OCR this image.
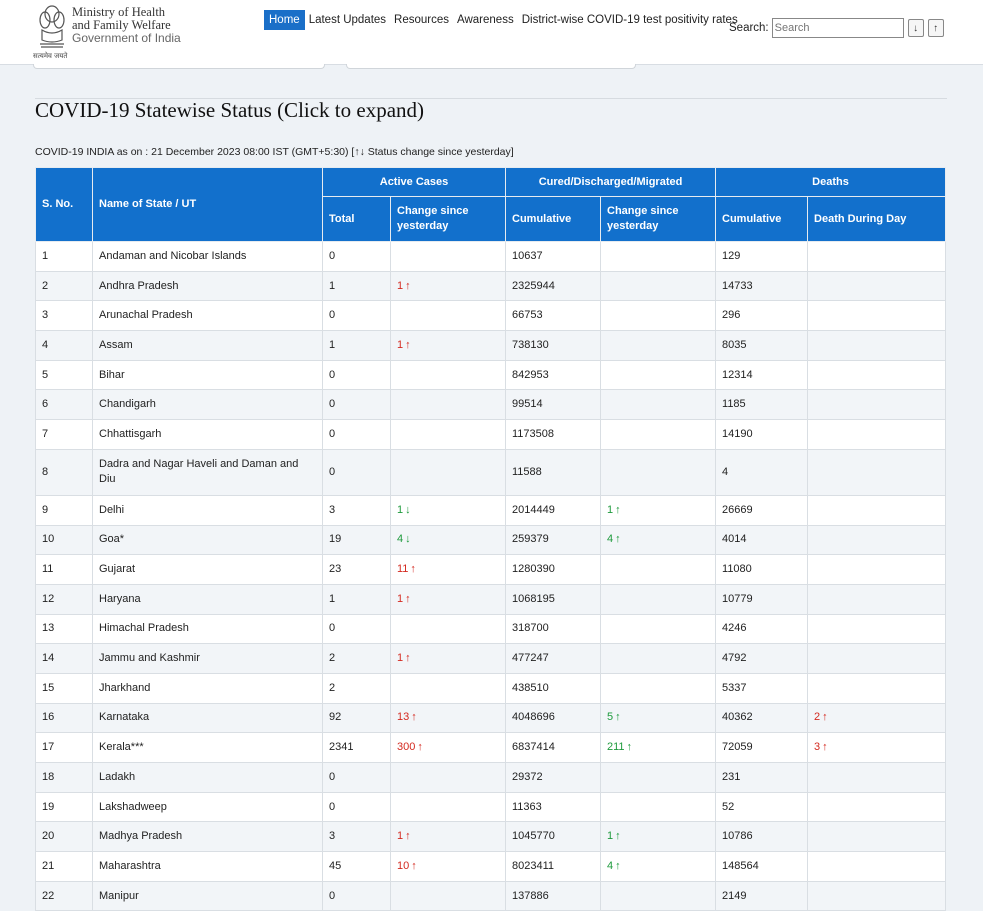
सत्यमेव जयते
Ministry of Health
and Family Welfare
Government of India
Home Latest Updates Resources Awareness District-wise COVID-19 test positivity rates
Search:
Search	↓	↑
COVID-19 Statewise Status (Click to expand)
COVID-19 INDIA as on : 21 December 2023 08:00 IST (GMT+5:30) [↑↓ Status change since yesterday]
S. No.	Name of State / UT	Active Cases		Cured/Discharged/Migrated		Deaths	
		Total	Change since yesterday	Cumulative	Change since yesterday	Cumulative	Death During Day
1	Andaman and Nicobar Islands	0		10637		129	
2	Andhra Pradesh	1	1 ↑	2325944		14733	
3	Arunachal Pradesh	0		66753		296	
4	Assam	1	1 ↑	738130		8035	
5	Bihar	0		842953		12314	
6	Chandigarh	0		99514		1185	
7	Chhattisgarh	0		1173508		14190	
8	Dadra and Nagar Haveli and Daman and Diu	0		11588		4	
9	Delhi	3	1 ↓	2014449	1 ↑	26669	
10	Goa*	19	4 ↓	259379	4 ↑	4014	
11	Gujarat	23	11 ↑	1280390		11080	
12	Haryana	1	1 ↑	1068195		10779	
13	Himachal Pradesh	0		318700		4246	
14	Jammu and Kashmir	2	1 ↑	477247		4792	
15	Jharkhand	2		438510		5337	
16	Karnataka	92	13 ↑	4048696	5 ↑	40362	2 ↑
17	Kerala***	2341	300 ↑	6837414	211 ↑	72059	3 ↑
18	Ladakh	0		29372		231	
19	Lakshadweep	0		11363		52	
20	Madhya Pradesh	3	1 ↑	1045770	1 ↑	10786	
21	Maharashtra	45	10 ↑	8023411	4 ↑	148564	
22	Manipur	0		137886		2149	
